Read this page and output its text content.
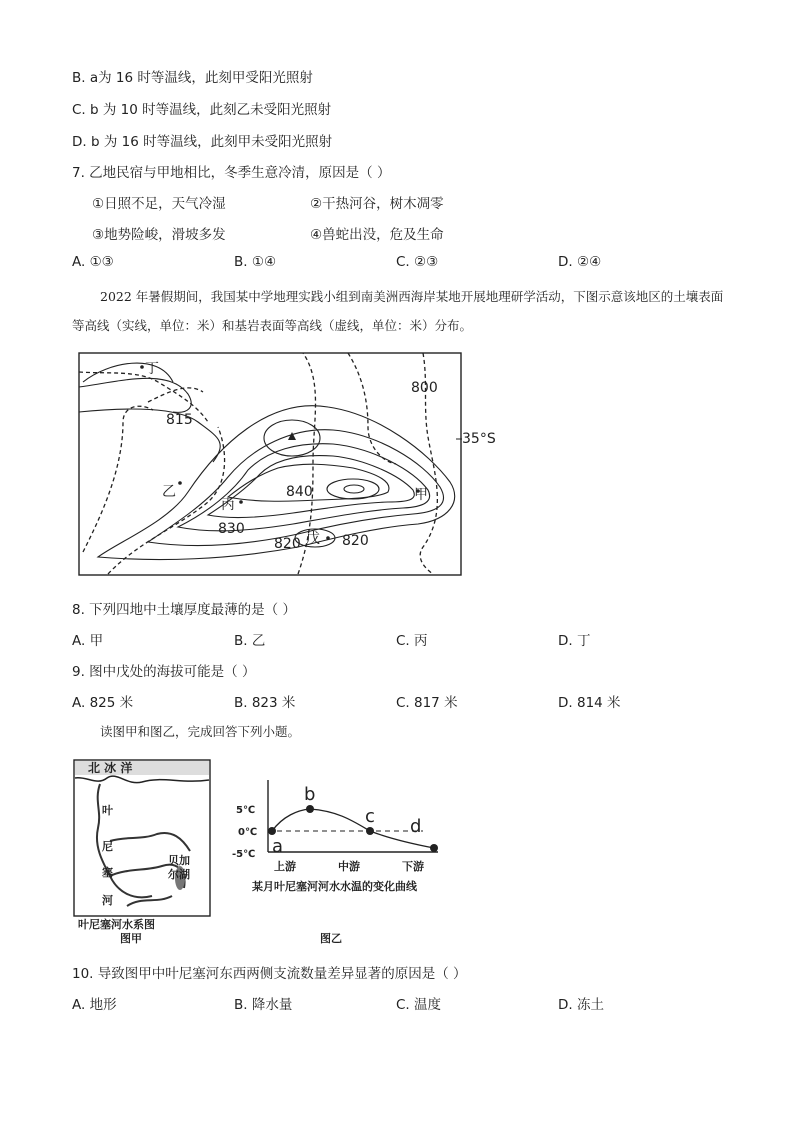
B. a为 16 时等温线，此刻甲受阳光照射
C. b 为 10 时等温线，此刻乙未受阳光照射
D. b 为 16 时等温线，此刻甲未受阳光照射
7. 乙地民宿与甲地相比，冬季生意冷清，原因是（ ）
①日照不足，天气冷湿	②干热河谷，树木凋零
③地势险峻，滑坡多发	④兽蛇出没，危及生命
A. ①③	B. ①④	C. ②③	D. ②④
2022 年暑假期间，我国某中学地理实践小组到南美洲西海岸某地开展地理研学活动，下图示意该地区的土壤表面等高线（实线，单位：米）和基岩表面等高线（虚线，单位：米）分布。
丁
乙
丙
甲
戊
815
800
840
830
820	820
35°S
8. 下列四地中土壤厚度最薄的是（ ）
A. 甲	B. 乙	C. 丙	D. 丁
9. 图中戊处的海拔可能是（ ）
A. 825 米	B. 823 米	C. 817 米	D. 814 米
读图甲和图乙，完成回答下列小题。
北 冰 洋
叶
尼
塞
河
贝加
尔湖
叶尼塞河水系图
图甲
5℃
0℃
-5℃ a
b
c d
上游	中游	下游
某月叶尼塞河河水水温的变化曲线
图乙
10. 导致图甲中叶尼塞河东西两侧支流数量差异显著的原因是（ ）
A. 地形	B. 降水量	C. 温度	D. 冻土
